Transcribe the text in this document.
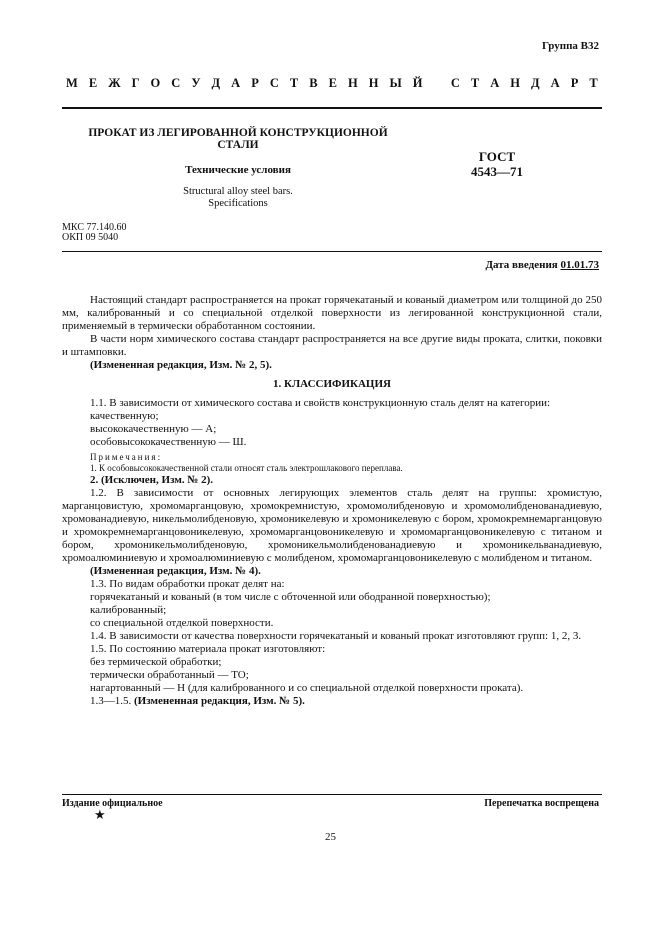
Группа В32
М Е Ж Г О С У Д А Р С Т В Е Н Н Ы Й
С Т А Н Д А Р Т
ПРОКАТ ИЗ ЛЕГИРОВАННОЙ КОНСТРУКЦИОННОЙ
СТАЛИ
Технические условия
Structural alloy steel bars.
Specifications
ГОСТ
4543—71
МКС 77.140.60
ОКП 09 5040
Дата введения 01.01.73

Настоящий стандарт распространяется на прокат горячекатаный и кованый диаметром или толщиной до 250 мм, калиброванный и со специальной отделкой поверхности из легированной конструкционной стали, применяемый в термически обработанном состоянии.

В части норм химического состава стандарт распространяется на все другие виды проката, слитки, поковки и штамповки.

(Измененная редакция, Изм. № 2, 5).

1. КЛАССИФИКАЦИЯ

1.1. В зависимости от химического состава и свойств конструкционную сталь делят на категории:

качественную;

высококачественную — А;

особовысококачественную — Ш.

Примечания:

1. К особовысококачественной стали относят сталь электрошлакового переплава.

2. (Исключен, Изм. № 2).

1.2. В зависимости от основных легирующих элементов сталь делят на группы: хромистую, марганцовистую, хромомарганцовую, хромокремнистую, хромомолибденовую и хромомолибденованадиевую, хромованадиевую, никельмолибденовую, хромоникелевую и хромоникелевую с бором, хромокремнемарганцовую и хромокремнемарганцовоникелевую, хромомарганцовоникелевую и хромомарганцовоникелевую с титаном и бором, хромоникельмолибденовую, хромоникельмолибденованадиевую и хромоникельванадиевую, хромоалюминиевую и хромоалюминиевую с молибденом, хромомарганцовоникелевую с молибденом и титаном.

(Измененная редакция, Изм. № 4).

1.3. По видам обработки прокат делят на:

горячекатаный и кованый (в том числе с обточенной или ободранной поверхностью);

калиброванный;

со специальной отделкой поверхности.

1.4. В зависимости от качества поверхности горячекатаный и кованый прокат изготовляют групп: 1, 2, 3.

1.5. По состоянию материала прокат изготовляют:

без термической обработки;

термически обработанный — ТО;

нагартованный — Н (для калиброванного и со специальной отделкой поверхности проката).

1.3—1.5. (Измененная редакция, Изм. № 5).

Издание официальное	Перепечатка воспрещена
★
25
